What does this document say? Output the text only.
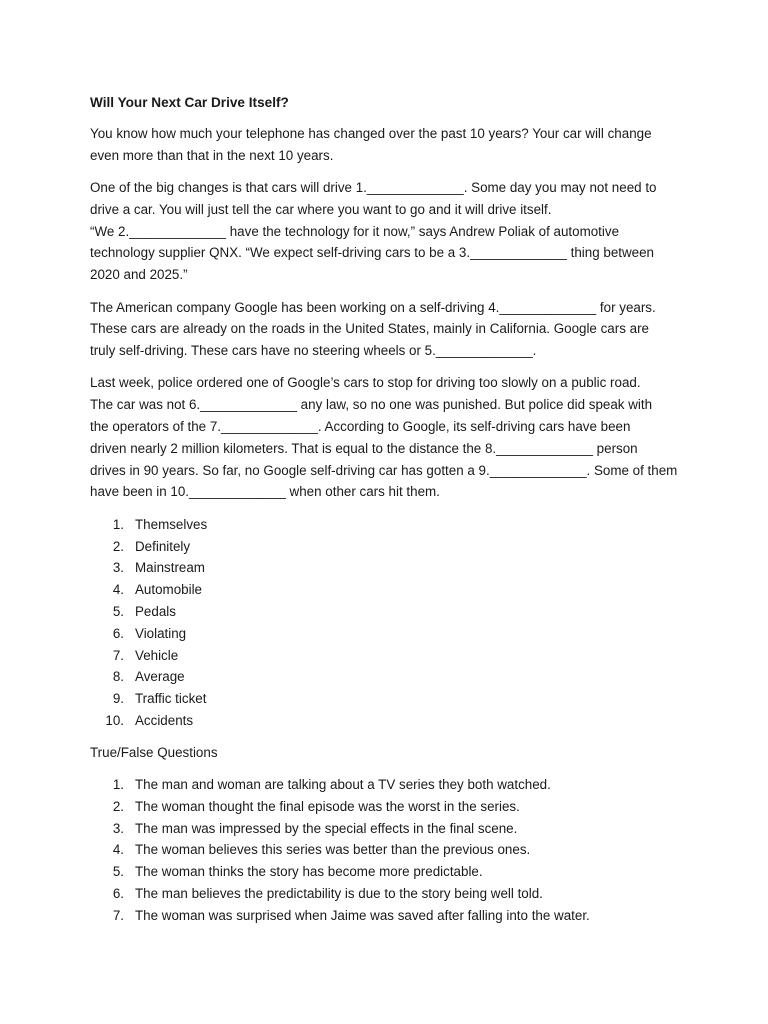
Will Your Next Car Drive Itself?
You know how much your telephone has changed over the past 10 years? Your car will change
even more than that in the next 10 years.
One of the big changes is that cars will drive 1._____________. Some day you may not need to
drive a car. You will just tell the car where you want to go and it will drive itself.
“We 2._____________ have the technology for it now,” says Andrew Poliak of automotive
technology supplier QNX. “We expect self-driving cars to be a 3._____________ thing between
2020 and 2025.”
The American company Google has been working on a self-driving 4._____________ for years.
These cars are already on the roads in the United States, mainly in California. Google cars are
truly self-driving. These cars have no steering wheels or 5._____________.
Last week, police ordered one of Google’s cars to stop for driving too slowly on a public road.
The car was not 6._____________ any law, so no one was punished. But police did speak with
the operators of the 7._____________. According to Google, its self-driving cars have been
driven nearly 2 million kilometers. That is equal to the distance the 8._____________ person
drives in 90 years. So far, no Google self-driving car has gotten a 9._____________. Some of them
have been in 10._____________ when other cars hit them.
1. Themselves
2. Definitely
3. Mainstream
4. Automobile
5. Pedals
6. Violating
7. Vehicle
8. Average
9. Traffic ticket
10. Accidents
True/False Questions
1. The man and woman are talking about a TV series they both watched.
2. The woman thought the final episode was the worst in the series.
3. The man was impressed by the special effects in the final scene.
4. The woman believes this series was better than the previous ones.
5. The woman thinks the story has become more predictable.
6. The man believes the predictability is due to the story being well told.
7. The woman was surprised when Jaime was saved after falling into the water.
